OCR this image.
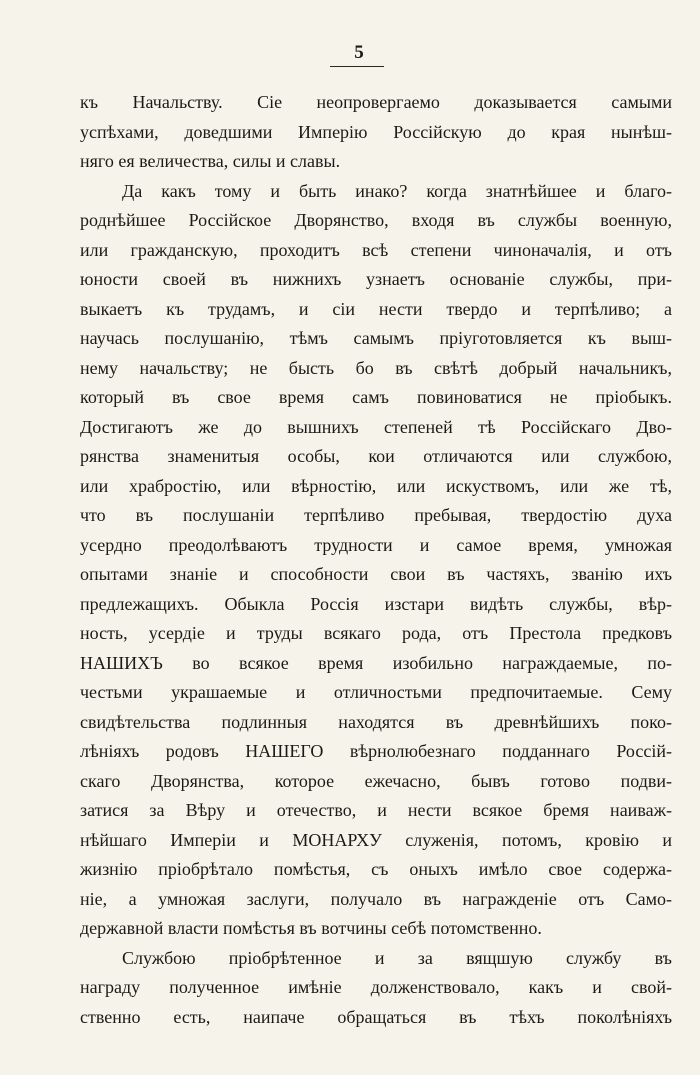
5
къ Начальству. Сіе неопровергаемо доказывается самыми
успѣхами, доведшими Имперію Россійскую до края нынѣш-
няго ея величества, силы и славы.
Да какъ тому и быть инако? когда знатнѣйшее и благо-
роднѣйшее Россійское Дворянство, входя въ службы военную,
или гражданскую, проходитъ всѣ степени чиноначалія, и отъ
юности своей въ нижнихъ узнаетъ основаніе службы, при-
выкаетъ къ трудамъ, и сіи нести твердо и терпѣливо; а
научась послушанію, тѣмъ самымъ пріуготовляется къ выш-
нему начальству; не бысть бо въ свѣтѣ добрый начальникъ,
который въ свое время самъ повиноватися не пріобыкъ.
Достигаютъ же до вышнихъ степеней тѣ Россійскаго Дво-
рянства знаменитыя особы, кои отличаются или службою,
или храбростію, или вѣрностію, или искуствомъ, или же тѣ,
что въ послушаніи терпѣливо пребывая, твердостію духа
усердно преодолѣваютъ трудности и самое время, умножая
опытами знаніе и способности свои въ частяхъ, званію ихъ
предлежащихъ. Обыкла Россія изстари видѣть службы, вѣр-
ность, усердіе и труды всякаго рода, отъ Престола предковъ
НАШИХЪ во всякое время изобильно награждаемые, по-
честьми украшаемые и отличностьми предпочитаемые. Сему
свидѣтельства подлинныя находятся въ древнѣйшихъ поко-
лѣніяхъ родовъ НАШЕГО вѣрнолюбезнаго подданнаго Россій-
скаго Дворянства, которое ежечасно, бывъ готово подви-
затися за Вѣру и отечество, и нести всякое бремя наиваж-
нѣйшаго Имперіи и МОНАРХУ служенія, потомъ, кровію и
жизнію пріобрѣтало помѣстья, съ оныхъ имѣло свое содержа-
ніе, а умножая заслуги, получало въ награжденіе отъ Само-
державной власти помѣстья въ вотчины себѣ потомственно.
Службою пріобрѣтенное и за вящшую службу въ
награду полученное имѣніе долженствовало, какъ и свой-
ственно есть, наипаче обращаться въ тѣхъ поколѣніяхъ
